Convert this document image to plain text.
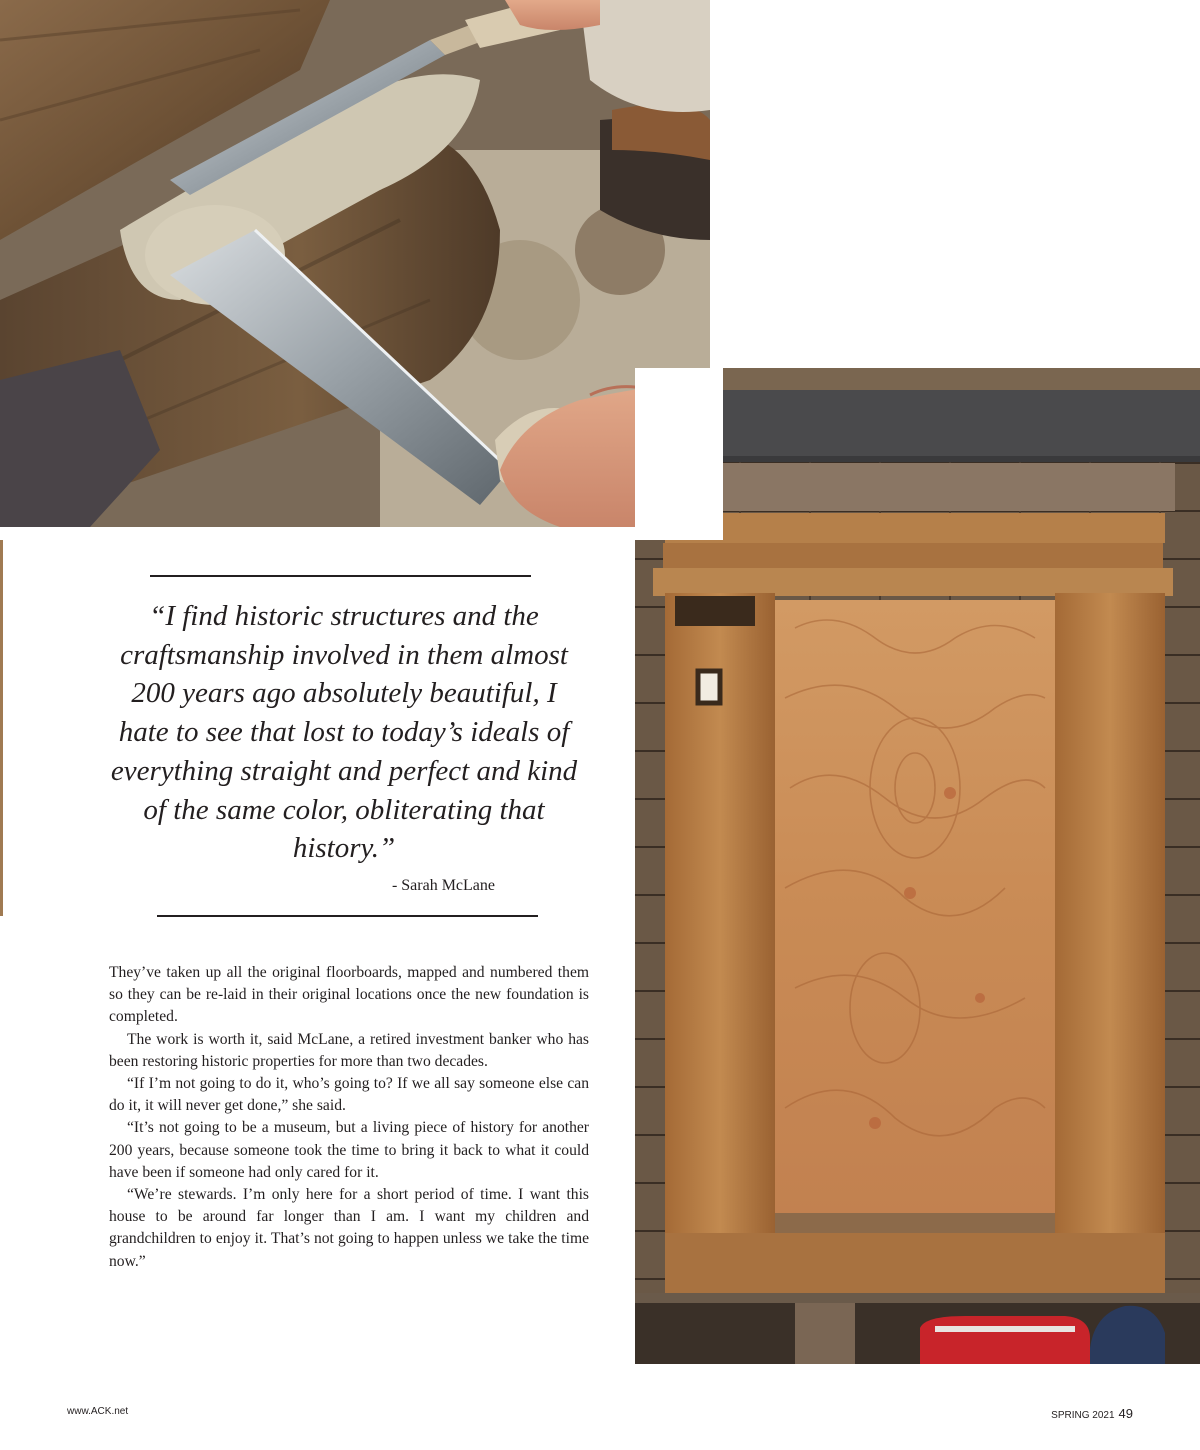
“I find historic structures and the craftsmanship involved in them almost 200 years ago absolutely beautiful, I hate to see that lost to today’s ideals of everything straight and perfect and kind of the same color, obliterating that history.”

- Sarah McLane

They’ve taken up all the original floorboards, mapped and numbered them so they can be re-laid in their original locations once the new foundation is completed.

The work is worth it, said McLane, a retired investment banker who has been restoring historic properties for more than two decades.

“If I’m not going to do it, who’s going to? If we all say someone else can do it, it will never get done,” she said.

“It’s not going to be a museum, but a living piece of history for another 200 years, because someone took the time to bring it back to what it could have been if someone had only cared for it.

“We’re stewards. I’m only here for a short period of time. I want this house to be around far longer than I am. I want my children and grandchildren to enjoy it. That’s not going to happen unless we take the time now.”

www.ACK.net	SPRING 2021 49
